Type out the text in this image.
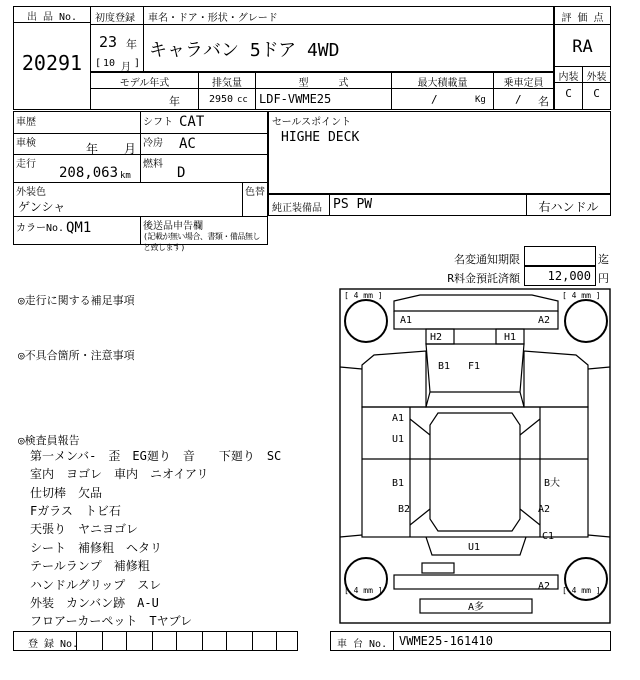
出 品 No.
20291
初度登録 車名・ドア・形状・グレード
23 年
[ 10 月 ]
キャラバン 5ドア 4WD
評 価 点
RA
内装 外装
C	C
モデル年式	排気量	型　　　式	最大積載量	乗車定員
年	2950 cc LDF-VWME25	/	Kg	/ 名
車歴	シフト CAT
車検	年 月 冷房 AC
走行
208,063 km
燃料
D
外装色
ゲンシャ
色替
カラーNo. QM1	後送品申告欄
(記載が無い場合、書類・備品無しと致します)
セールスポイント
HIGHE DECK
純正装備品 PS PW	右ハンドル
名変通知期限	迄
R料金預託済額	12,000 円
◎走行に関する補足事項
◎不具合箇所・注意事項
◎検査員報告
第一メンバ-　歪　EG廻り　音　　下廻り　SC
室内　ヨゴレ　車内　ニオイアリ
仕切棒　欠品
Fガラス　トビ石
天張り　ヤニヨゴレ
シート　補修粗　ヘタリ
テールランプ　補修粗
ハンドルグリップ　スレ
外装　カンバン跡　A-U
フロアーカーペット　Tヤブレ
[ 4 mm ]	[ 4 mm ]
[ 4 mm ]	[ 4 mm ]
A1	A2
H2	H1
B1 F1
A1
U1
B1	B大
B2	A2
C1
U1
A2
A多
登 録 No.	車 台 No. VWME25-161410
